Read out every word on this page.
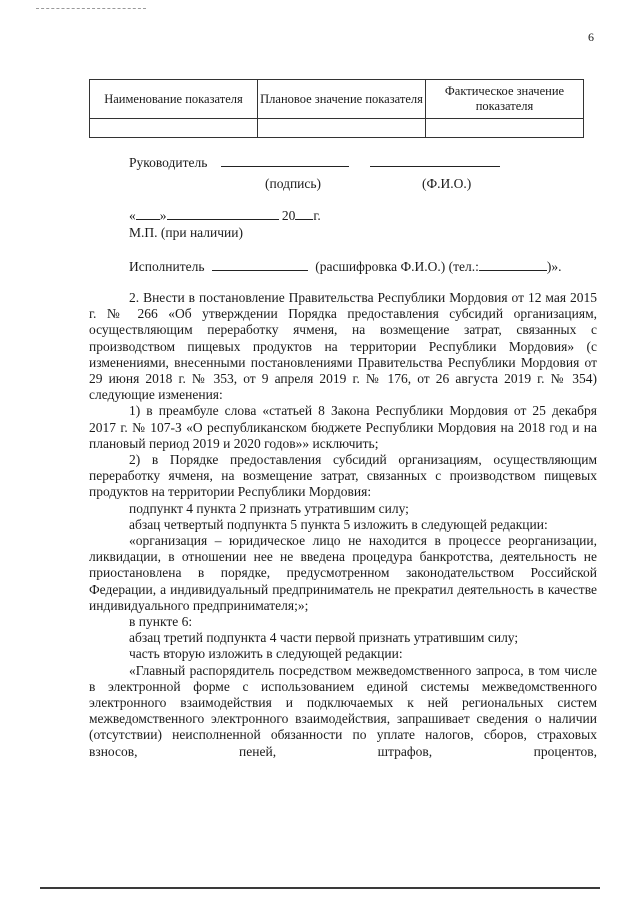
6
Наименование показателя	Плановое значение показателя	Фактическое значение показателя

Руководитель
(подпись)	(Ф.И.О.)
« »	20 г.
М.П. (при наличии)
Исполнитель	(расшифровка Ф.И.О.) (тел.:	)».

2. Внести в постановление Правительства Республики Мордовия от 12 мая 2015 г. № 266 «Об утверждении Порядка предоставления субсидий организациям, осуществляющим переработку ячменя, на возмещение затрат, связанных с производством пищевых продуктов на территории Республики Мордовия» (с изменениями, внесенными постановлениями Правительства Республики Мордовия от 29 июня 2018 г. № 353, от 9 апреля 2019 г. № 176, от 26 августа 2019 г. № 354) следующие изменения:

1) в преамбуле слова «статьей 8 Закона Республики Мордовия от 25 декабря 2017 г. № 107-З «О республиканском бюджете Республики Мордовия на 2018 год и на плановый период 2019 и 2020 годов»» исключить;

2) в Порядке предоставления субсидий организациям, осуществляющим переработку ячменя, на возмещение затрат, связанных с производством пищевых продуктов на территории Республики Мордовия:

подпункт 4 пункта 2 признать утратившим силу;

абзац четвертый подпункта 5 пункта 5 изложить в следующей редакции:

«организация – юридическое лицо не находится в процессе реорганизации, ликвидации, в отношении нее не введена процедура банкротства, деятельность не приостановлена в порядке, предусмотренном законодательством Российской Федерации, а индивидуальный предприниматель не прекратил деятельность в качестве индивидуального предпринимателя;»;

в пункте 6:

абзац третий подпункта 4 части первой признать утратившим силу;

часть вторую изложить в следующей редакции:

«Главный распорядитель посредством межведомственного запроса, в том числе в электронной форме с использованием единой системы межведомственного электронного взаимодействия и подключаемых к ней региональных систем межведомственного электронного взаимодействия, запрашивает сведения о наличии (отсутствии) неисполненной обязанности по уплате налогов, сборов, страховых взносов, пеней, штрафов, процентов,
